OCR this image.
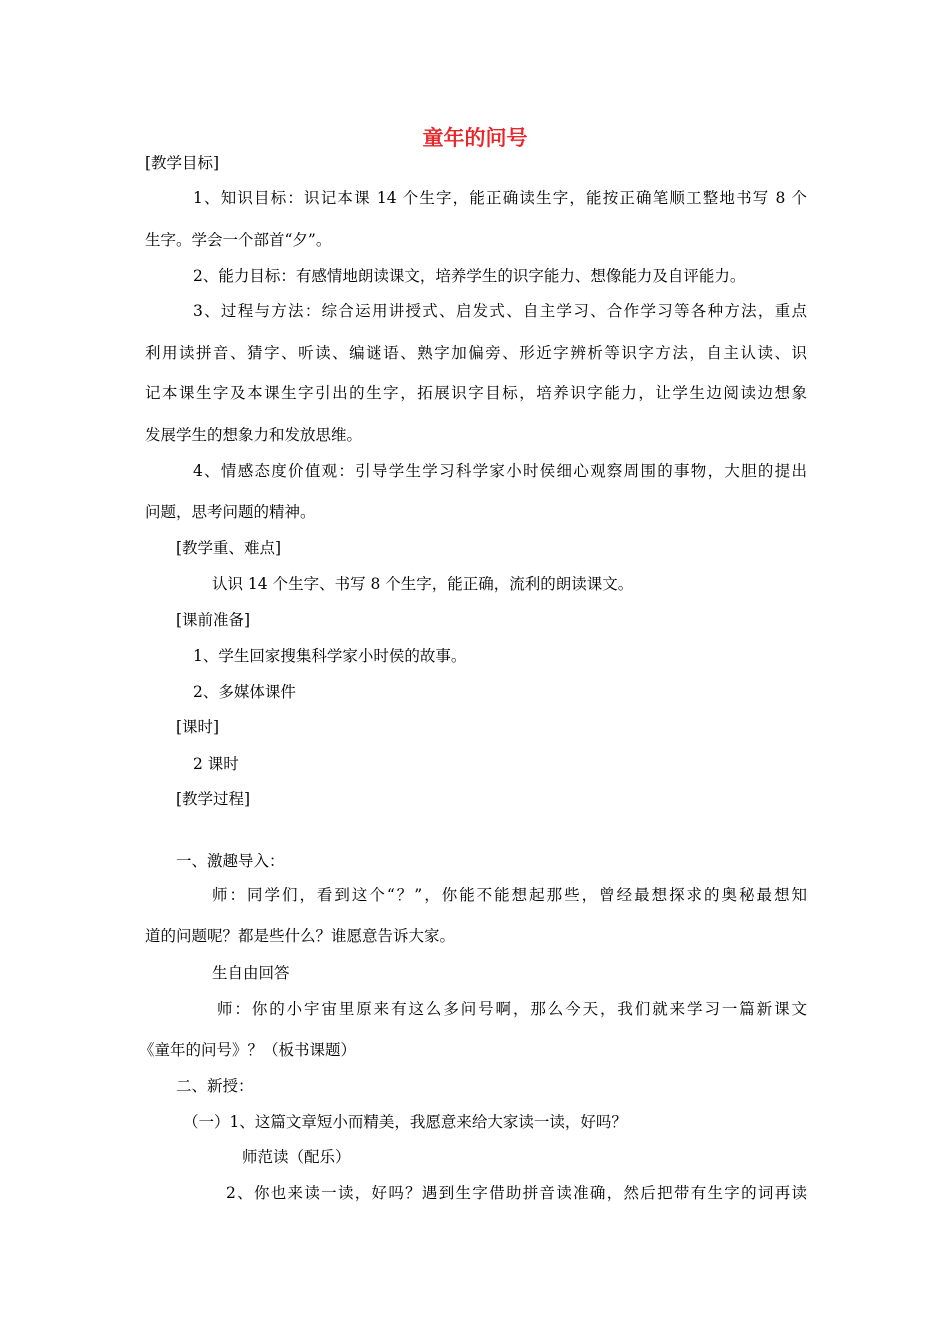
童年的问号
[教学目标]
1、知识目标：识记本课 14 个生字，能正确读生字，能按正确笔顺工整地书写 8 个
生字。学会一个部首“夕”。
2、能力目标：有感情地朗读课文，培养学生的识字能力、想像能力及自评能力。
3、过程与方法：综合运用讲授式、启发式、自主学习、合作学习等各种方法，重点
利用读拼音、猜字、听读、编谜语、熟字加偏旁、形近字辨析等识字方法，自主认读、识
记本课生字及本课生字引出的生字，拓展识字目标，培养识字能力，让学生边阅读边想象
发展学生的想象力和发放思维。
4、情感态度价值观：引导学生学习科学家小时侯细心观察周围的事物，大胆的提出
问题，思考问题的精神。
[教学重、难点]
认识 14 个生字、书写 8 个生字，能正确，流利的朗读课文。
[课前准备]
1、学生回家搜集科学家小时侯的故事。
2、多媒体课件
[课时]
2 课时
[教学过程]
一、激趣导入：
师：同学们，看到这个“？”，你能不能想起那些，曾经最想探求的奥秘最想知
道的问题呢？都是些什么？谁愿意告诉大家。
生自由回答
师：你的小宇宙里原来有这么多问号啊，那么今天，我们就来学习一篇新课文
《童年的问号》？（板书课题）
二、新授：
（一）1、这篇文章短小而精美，我愿意来给大家读一读，好吗？
师范读（配乐）
2、你也来读一读，好吗？遇到生字借助拼音读准确，然后把带有生字的词再读
